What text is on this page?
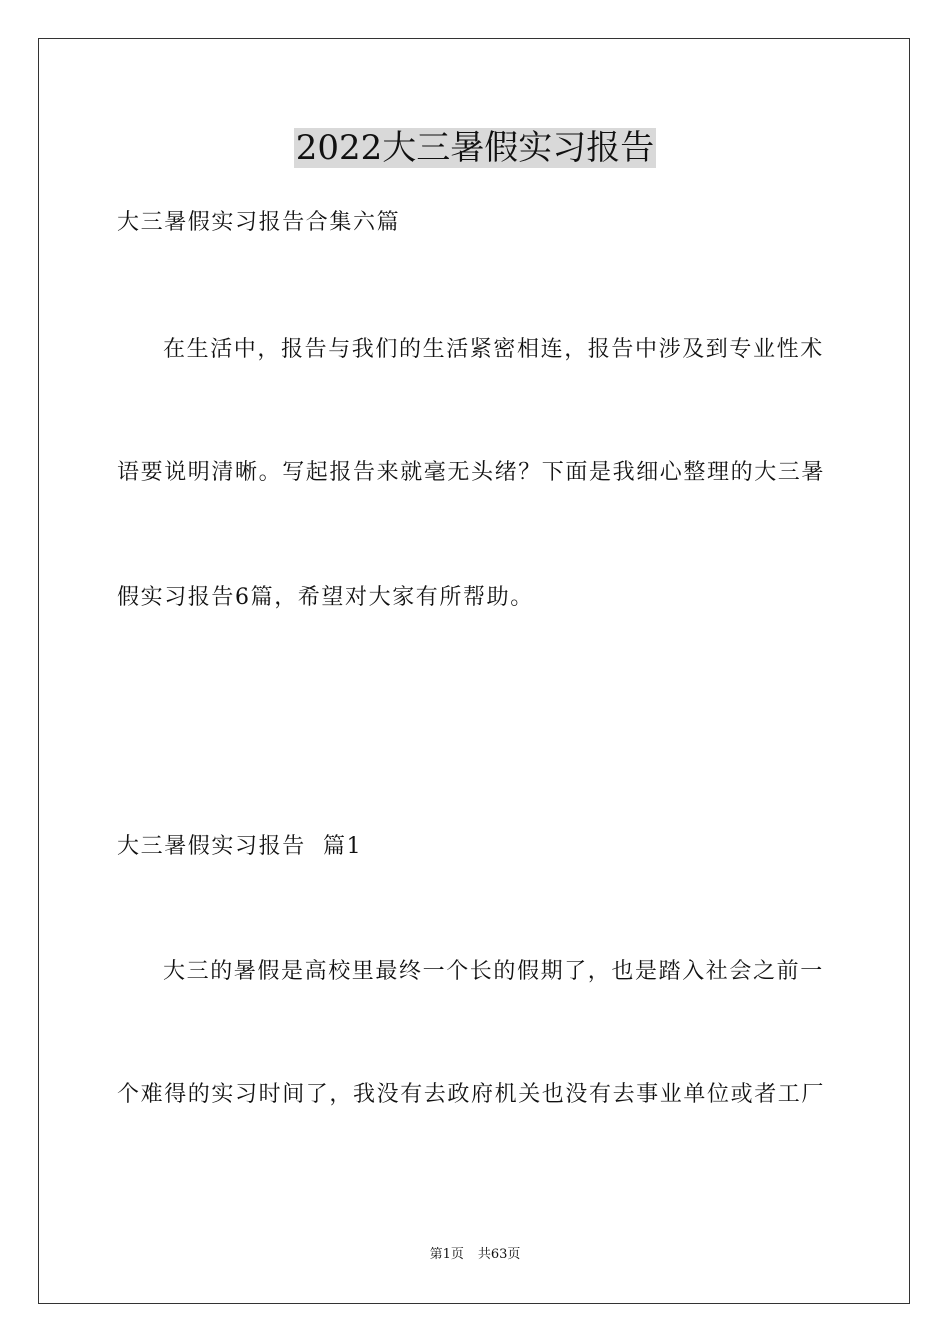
2022大三暑假实习报告
大三暑假实习报告合集六篇
在生活中，报告与我们的生活紧密相连，报告中涉及到专业性术
语要说明清晰。写起报告来就毫无头绪？下面是我细心整理的大三暑
假实习报告6篇，希望对大家有所帮助。
大三暑假实习报告  篇1
大三的暑假是高校里最终一个长的假期了，也是踏入社会之前一
个难得的实习时间了，我没有去政府机关也没有去事业单位或者工厂
第1页 共63页
